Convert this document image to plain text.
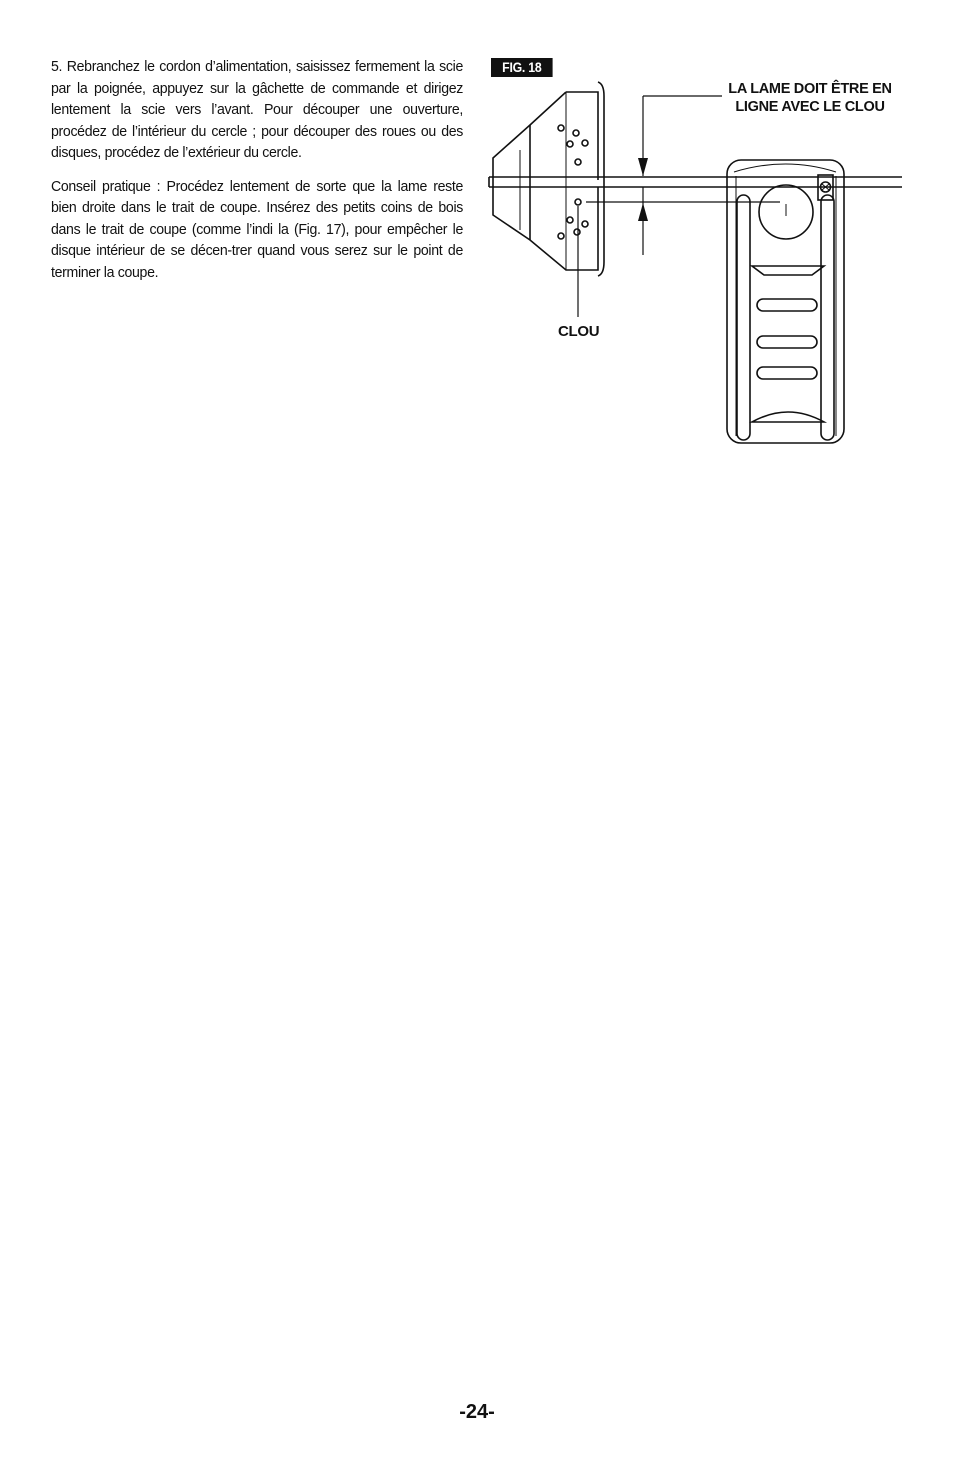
5. Rebranchez le cordon d’alimentation, saisissez fermement la scie par la poignée, appuyez sur la gâchette de commande et dirigez lentement la scie vers l’avant. Pour découper une ouverture, procédez de l’intérieur du cercle ; pour découper des roues ou des disques, procédez de l’extérieur du cercle.

Conseil pratique : Procédez lentement de sorte que la lame reste bien droite dans le trait de coupe. Insérez des petits coins de bois dans le trait de coupe (comme l’indi la (Fig. 17), pour empêcher le disque intérieur de se décen-trer quand vous serez sur le point de terminer la coupe.

FIG. 18
LA LAME DOIT ÊTRE EN
LIGNE AVEC LE CLOU
CLOU
-24-
